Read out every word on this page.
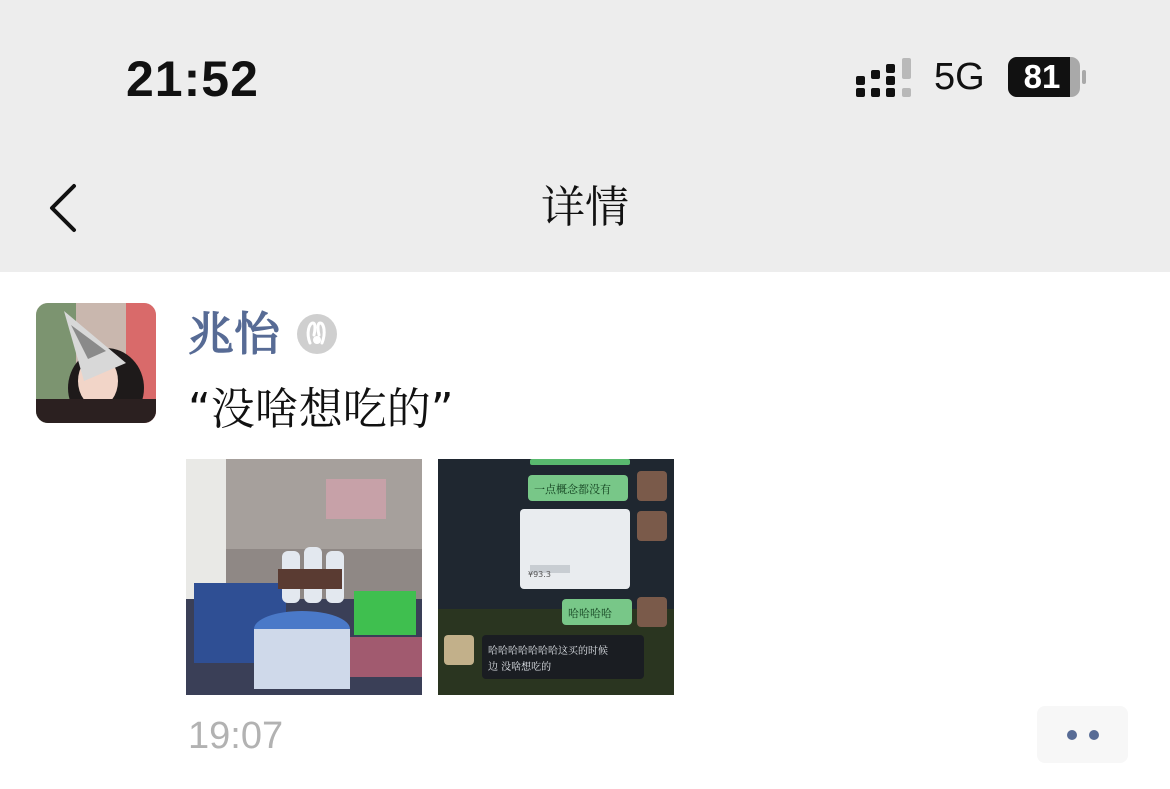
21:52	5G	81
详情
兆怡
“没啥想吃的”
一点概念都没有
¥93.3
哈哈哈哈
哈哈哈哈哈哈哈这买的时候
边 没啥想吃的
19:07
